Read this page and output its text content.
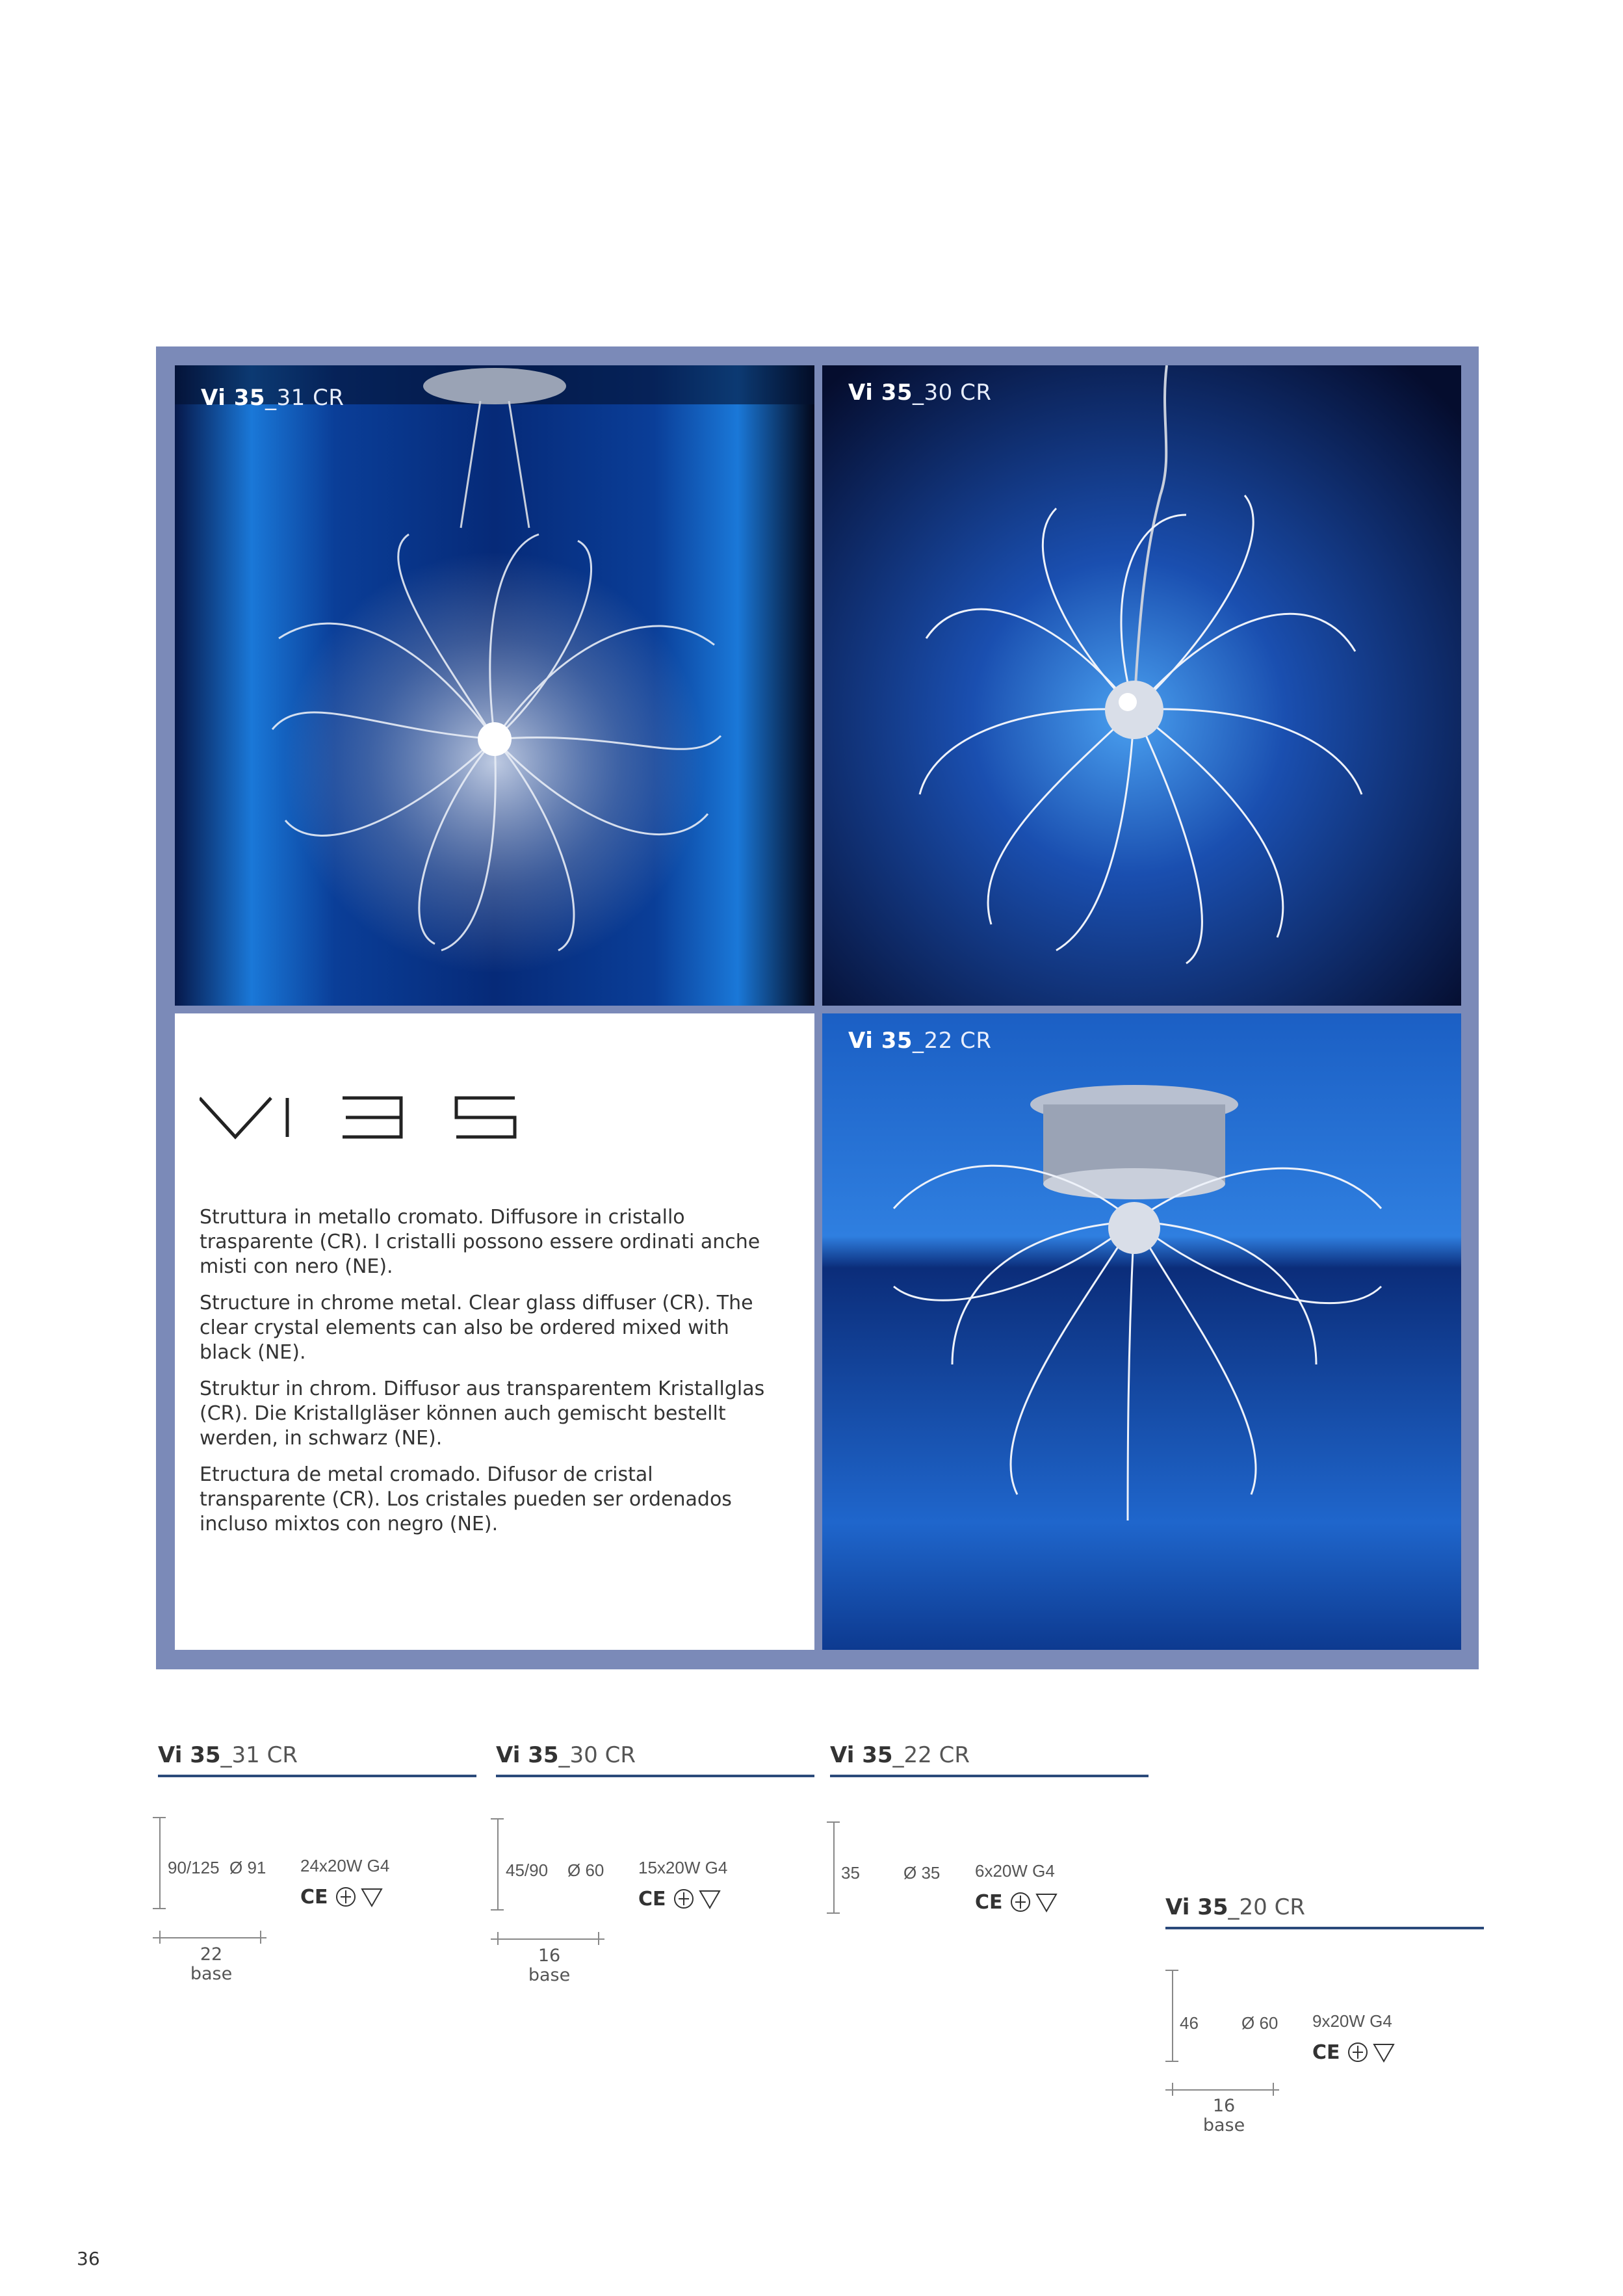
Vi 35_31 CR	Vi 35_30 CR

Struttura in metallo cromato. Diffusore in cristallo trasparente (CR). I cristalli possono essere ordinati anche misti con nero (NE).

Structure in chrome metal. Clear glass diffuser (CR). The clear crystal elements can also be ordered mixed with black (NE).

Struktur in chrom. Diffusor aus transparentem Kristallglas (CR). Die Kristallgläser können auch gemischt bestellt werden, in schwarz (NE).

Etructura de metal cromado. Difusor de cristal transparente (CR). Los cristales pueden ser ordenados incluso mixtos con negro (NE).

Vi 35_22 CR
Vi 35_31 CR
90/125 Ø 91 24x20W G4
CE
22
base
Vi 35_30 CR
45/90 Ø 60 15x20W G4
CE
16
base
Vi 35_22 CR
35	Ø 35 6x20W G4
CE	Vi 35_20 CR
46	Ø 60 9x20W G4
CE
16
base
36
